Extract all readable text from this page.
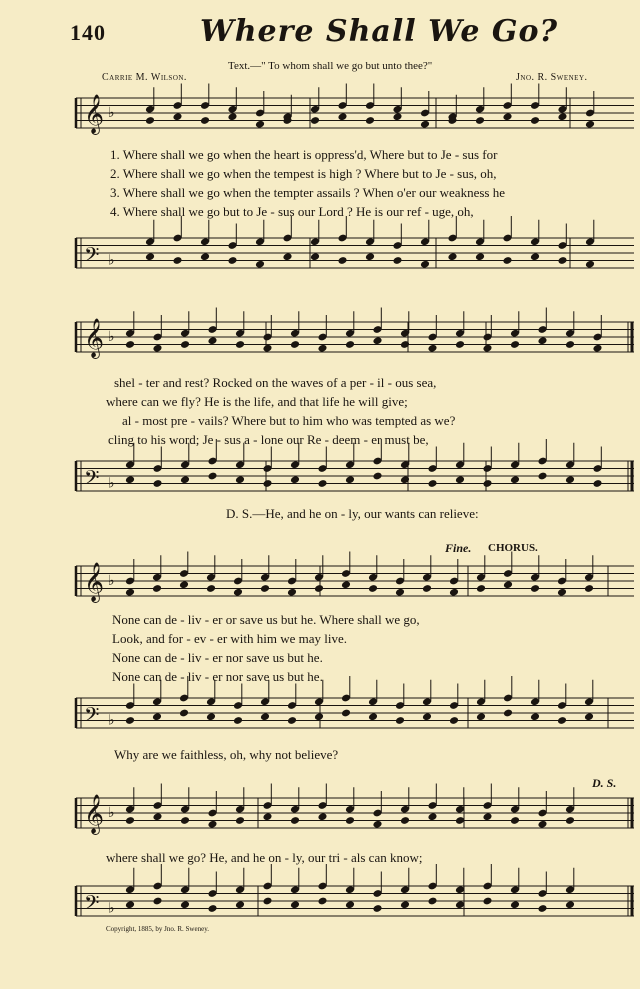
140	Where Shall We Go?
Text.—" To whom shall we go but unto thee?"
Carrie M. Wilson.	Jno. R. Sweney.
𝄞 ♭
𝄢 ♭
1. Where shall we go when the heart is oppress'd, Where but to Je - sus for
2. Where shall we go when the tempest is high ? Where but to Je - sus, oh,
3. Where shall we go when the tempter assails ? When o'er our weakness he
4. Where shall we go but to Je - sus our Lord ? He is our ref - uge, oh,
𝄞 ♭
𝄢 ♭
shel - ter and rest? Rocked on the waves of a per - il - ous sea,
where can we fly? He is the life, and that life he will give;
al - most pre - vails? Where but to him who was tempted as we?
cling to his word; Je - sus a - lone our Re - deem - er must be,
D. S.—He, and he on - ly, our wants can relieve:
Fine. CHORUS.
𝄞 ♭
𝄢 ♭
None can de - liv - er or save us but he. Where shall we go,
Look, and for - ev - er with him we may live.
None can de - liv - er nor save us but he.
None can de - liv - er nor save us but he.
Why are we faithless, oh, why not believe?
D. S.
𝄞 ♭
𝄢 ♭
where shall we go? He, and he on - ly, our tri - als can know;
Copyright, 1885, by Jno. R. Sweney.
